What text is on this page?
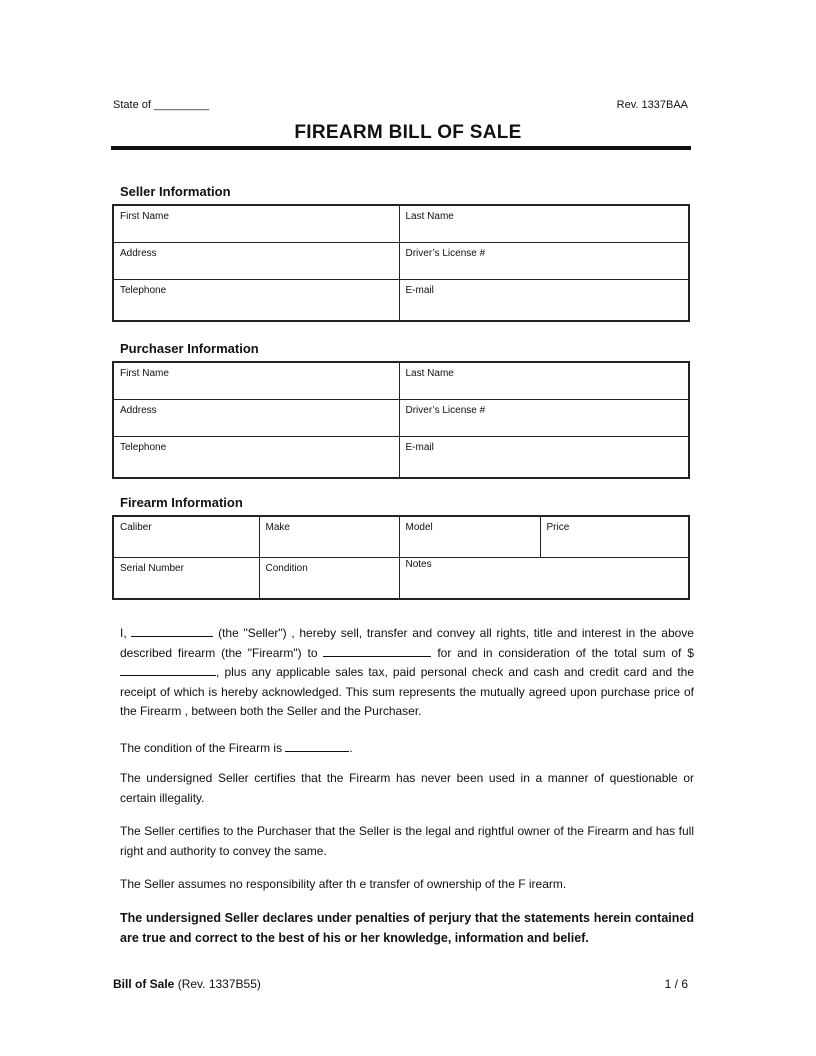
State of _________	Rev. 1337BAA
FIREARM BILL OF SALE
Seller Information
First Name	Last Name
Address	Driver’s License #
Telephone	E-mail
Purchaser Information
First Name	Last Name
Address	Driver’s License #
Telephone	E-mail
Firearm Information
Caliber	Make	Model	Price
Serial Number	Condition	Notes	
I,	(the "Seller") , hereby sell, transfer and convey all rights, title and interest in the above described firearm (the "Firearm") to	for and in consideration of the total sum of $ , plus any applicable sales tax, paid personal check and cash and credit card and the receipt of which is hereby acknowledged. This sum represents the mutually agreed upon purchase price of the Firearm , between both the Seller and the Purchaser.
The condition of the Firearm is	.
The undersigned Seller certifies that the Firearm has never been used in a manner of questionable or certain illegality.
The Seller certifies to the Purchaser that the Seller is the legal and rightful owner of the Firearm and has full right and authority to convey the same.
The Seller assumes no responsibility after th e transfer of ownership of the F irearm.
The undersigned Seller declares under penalties of perjury that the statements herein contained are true and correct to the best of his or her knowledge, information and belief.
Bill of Sale (Rev. 1337B55)	1 / 6
